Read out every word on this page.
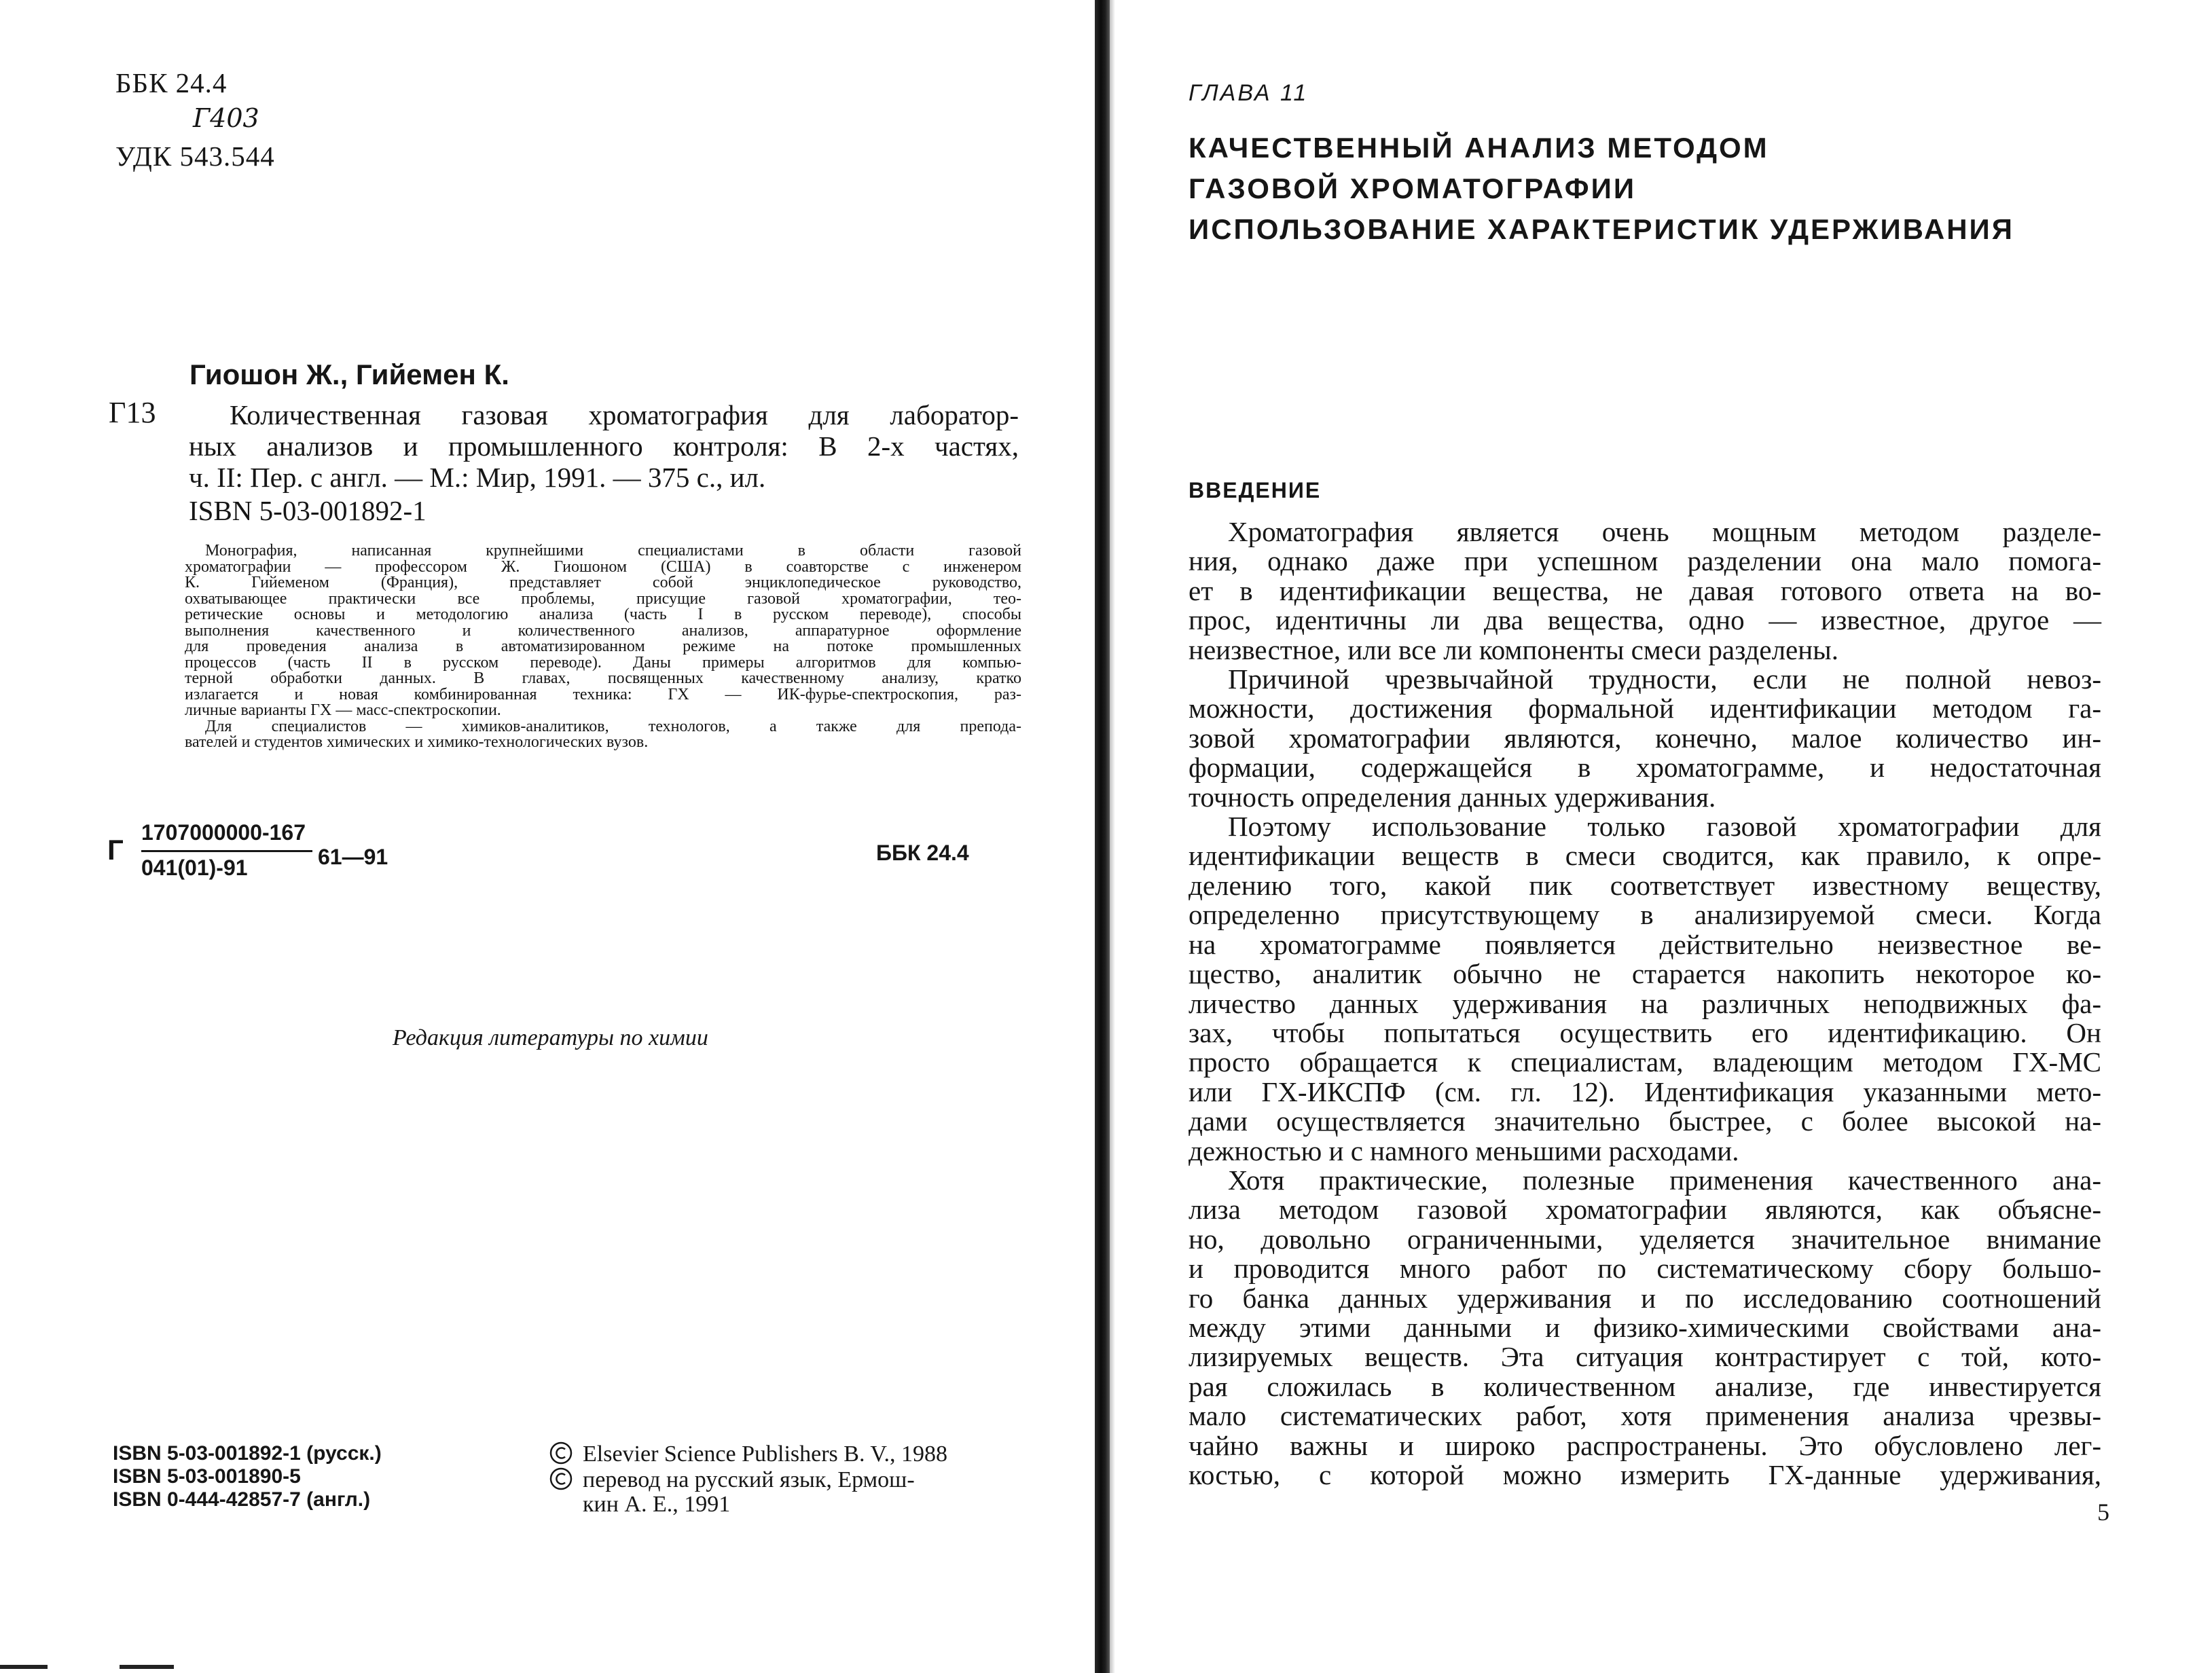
ББК 24.4
Г403
УДК 543.544
Гиошон Ж., Гийемен К.
Г13	Количественная газовая хроматография для лаборатор-
ных анализов и промышленного контроля: В 2-х частях,
ч. II: Пер. с англ. — М.: Мир, 1991. — 375 с., ил.
ISBN 5-03-001892-1
Монография, написанная крупнейшими специалистами в области газовой
хроматографии — профессором Ж. Гиошоном (США) в соавторстве с инженером
К. Гийеменом (Франция), представляет собой энциклопедическое руководство,
охватывающее практически все проблемы, присущие газовой хроматографии, тео-
ретические основы и методологию анализа (часть I в русском переводе), способы
выполнения качественного и количественного анализов, аппаратурное оформление
для проведения анализа в автоматизированном режиме на потоке промышленных
процессов (часть II в русском переводе). Даны примеры алгоритмов для компью-
терной обработки данных. В главах, посвященных качественному анализу, кратко
излагается и новая комбинированная техника: ГХ — ИК-фурье-спектроскопия, раз-
личные варианты ГХ — масс-спектроскопии.
Для специалистов — химиков-аналитиков, технологов, а также для препода-
вателей и студентов химических и химико-технологических вузов.
Г
1707000000-167
041(01)-91	61—91	ББК 24.4
Редакция литературы по химии
ISBN 5-03-001892-1 (русск.)
ISBN 5-03-001890-5
ISBN 0-444-42857-7 (англ.)
Elsevier Science Publishers B. V., 1988
перевод на русский язык, Ермош-
кин А. Е., 1991
ГЛАВА 11
КАЧЕСТВЕННЫЙ АНАЛИЗ МЕТОДОМ
ГАЗОВОЙ ХРОМАТОГРАФИИ
ИСПОЛЬЗОВАНИЕ ХАРАКТЕРИСТИК УДЕРЖИВАНИЯ
ВВЕДЕНИЕ
Хроматография является очень мощным методом разделе-
ния, однако даже при успешном разделении она мало помога-
ет в идентификации вещества, не давая готового ответа на во-
прос, идентичны ли два вещества, одно — известное, другое —
неизвестное, или все ли компоненты смеси разделены.
Причиной чрезвычайной трудности, если не полной невоз-
можности, достижения формальной идентификации методом га-
зовой хроматографии являются, конечно, малое количество ин-
формации, содержащейся в хроматограмме, и недостаточная
точность определения данных удерживания.
Поэтому использование только газовой хроматографии для
идентификации веществ в смеси сводится, как правило, к опре-
делению того, какой пик соответствует известному веществу,
определенно присутствующему в анализируемой смеси. Когда
на хроматограмме появляется действительно неизвестное ве-
щество, аналитик обычно не старается накопить некоторое ко-
личество данных удерживания на различных неподвижных фа-
зах, чтобы попытаться осуществить его идентификацию. Он
просто обращается к специалистам, владеющим методом ГХ-МС
или ГХ-ИКСПФ (см. гл. 12). Идентификация указанными мето-
дами осуществляется значительно быстрее, с более высокой на-
дежностью и с намного меньшими расходами.
Хотя практические, полезные применения качественного ана-
лиза методом газовой хроматографии являются, как объясне-
но, довольно ограниченными, уделяется значительное внимание
и проводится много работ по систематическому сбору большо-
го банка данных удерживания и по исследованию соотношений
между этими данными и физико-химическими свойствами ана-
лизируемых веществ. Эта ситуация контрастирует с той, кото-
рая сложилась в количественном анализе, где инвестируется
мало систематических работ, хотя применения анализа чрезвы-
чайно важны и широко распространены. Это обусловлено лег-
костью, с которой можно измерить ГХ-данные удерживания,
5
